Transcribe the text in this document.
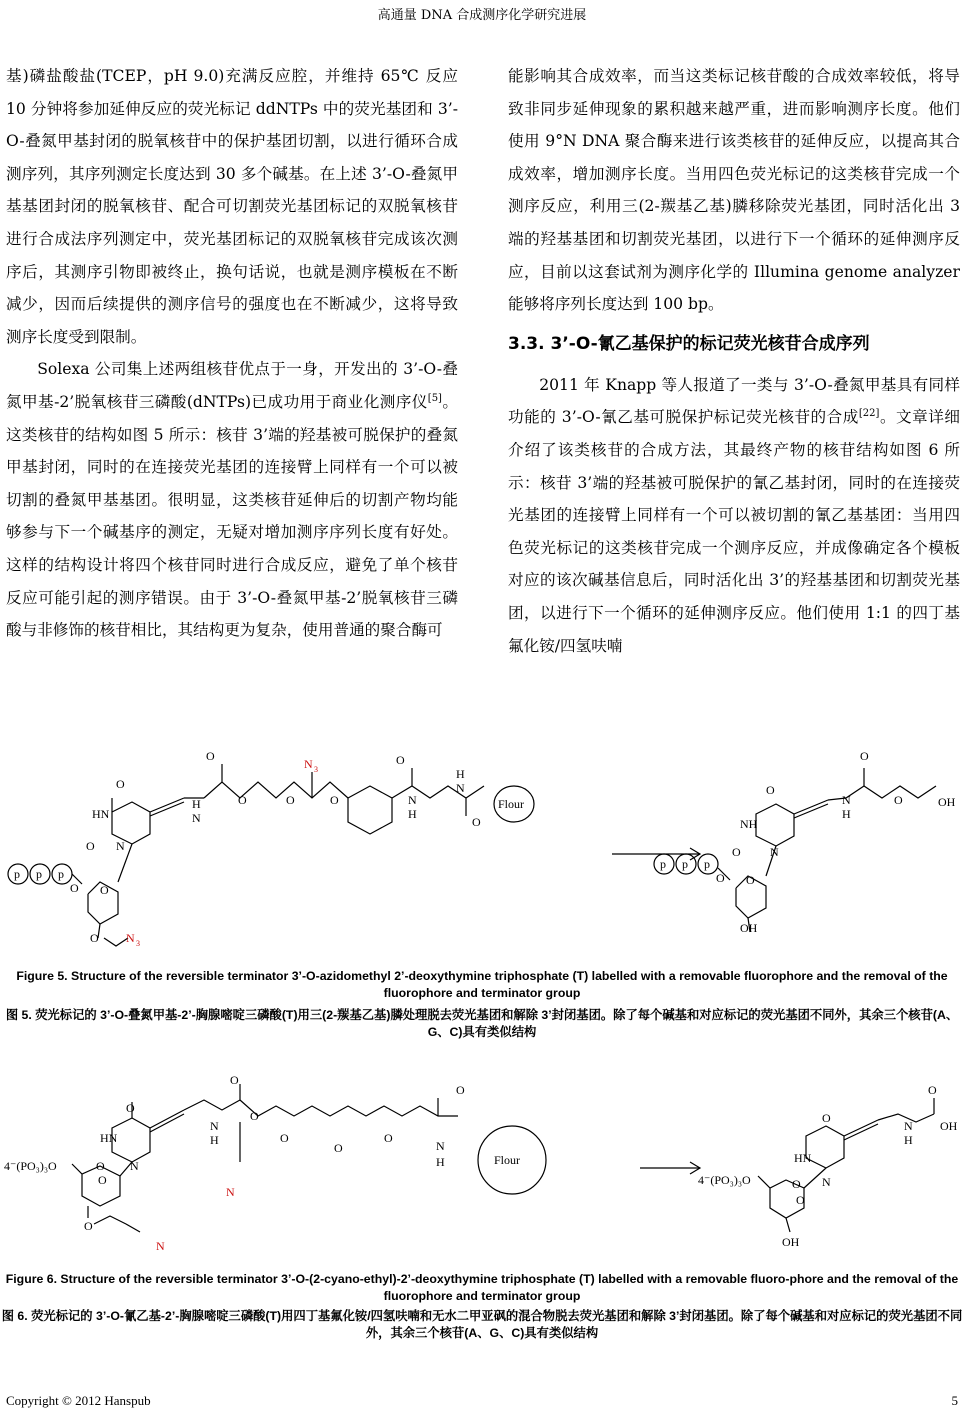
高通量 DNA 合成测序化学研究进展

基)磷盐酸盐(TCEP，pH 9.0)充满反应腔，并维持 65℃ 反应 10 分钟将参加延伸反应的荧光标记 ddNTPs 中的荧光基团和 3’-O-叠氮甲基封闭的脱氧核苷中的保护基团切割，以进行循环合成测序列，其序列测定长度达到 30 多个碱基。在上述 3’-O-叠氮甲基基团封闭的脱氧核苷、配合可切割荧光基团标记的双脱氧核苷进行合成法序列测定中，荧光基团标记的双脱氧核苷完成该次测序后，其测序引物即被终止，换句话说，也就是测序模板在不断减少，因而后续提供的测序信号的强度也在不断减少，这将导致测序长度受到限制。

Solexa 公司集上述两组核苷优点于一身，开发出的 3’-O-叠氮甲基-2’脱氧核苷三磷酸(dNTPs)已成功用于商业化测序仪[5]。这类核苷的结构如图 5 所示：核苷 3’端的羟基被可脱保护的叠氮甲基封闭，同时的在连接荧光基团的连接臂上同样有一个可以被切割的叠氮甲基基团。很明显，这类核苷延伸后的切割产物均能够参与下一个碱基序的测定，无疑对增加测序序列长度有好处。这样的结构设计将四个核苷同时进行合成反应，避免了单个核苷反应可能引起的测序错误。由于 3’-O-叠氮甲基-2’脱氧核苷三磷酸与非修饰的核苷相比，其结构更为复杂，使用普通的聚合酶可

能影响其合成效率，而当这类标记核苷酸的合成效率较低，将导致非同步延伸现象的累积越来越严重，进而影响测序长度。他们使用 9°N DNA 聚合酶来进行该类核苷的延伸反应，以提高其合成效率，增加测序长度。当用四色荧光标记的这类核苷完成一个测序反应，利用三(2-羰基乙基)膦移除荧光基团，同时活化出 3 端的羟基基团和切割荧光基团，以进行下一个循环的延伸测序反应，目前以这套试剂为测序化学的 Illumina genome analyzer 能够将序列长度达到 100 bp。

3.3. 3’-O-氰乙基保护的标记荧光核苷合成序列

2011 年 Knapp 等人报道了一类与 3’-O-叠氮甲基具有同样功能的 3’-O-氰乙基可脱保护标记荧光核苷的合成[22]。文章详细介绍了该类核苷的合成方法，其最终产物的核苷结构如图 6 所示：核苷 3’端的羟基被可脱保护的氰乙基封闭，同时的在连接荧光基团的连接臂上同样有一个可以被切割的氰乙基基团：当用四色荧光标记的这类核苷完成一个测序反应，并成像确定各个模板对应的该次碱基信息后，同时活化出 3’的羟基基团和切割荧光基团，以进行下一个循环的延伸测序反应。他们使用 1:1 的四丁基氟化铵/四氢呋喃

O
HN
O N
p p p
O O
O N 3
O
H
N
O	O
N 3
O
O
N
H
H
N
O
Flour
O
NH
O N
p p p
O O
OH
O
N
H
O	OH
Figure 5. Structure of the reversible terminator 3’-O-azidomethyl 2’-deoxythymine triphosphate (T) labelled with a removable fluorophore and the removal of the fluorophore and terminator group
图 5. 荧光标记的 3’-O-叠氮甲基-2’-胸腺嘧啶三磷酸(T)用三(2-羰基乙基)膦处理脱去荧光基团和解除 3’封闭基团。除了每个碱基和对应标记的荧光基团不同外，其余三个核苷(A、G、C)具有类似结构
O
HN
O N
4⁻(PO₃)₃O
O
O
N
O
N
H
O
N
O
O
O
O
N
H	Flour
O
HN
O N
4⁻(PO₃)₃O
O
OH
O
N
H
OH
Figure 6. Structure of the reversible terminator 3’-O-(2-cyano-ethyl)-2’-deoxythymine triphosphate (T) labelled with a removable fluoro-phore and the removal of the fluorophore and terminator group
图 6. 荧光标记的 3’-O-氰乙基-2’-胸腺嘧啶三磷酸(T)用四丁基氟化铵/四氢呋喃和无水二甲亚砜的混合物脱去荧光基团和解除 3’封闭基团。除了每个碱基和对应标记的荧光基团不同外，其余三个核苷(A、G、C)具有类似结构
Copyright © 2012 Hanspub	5
